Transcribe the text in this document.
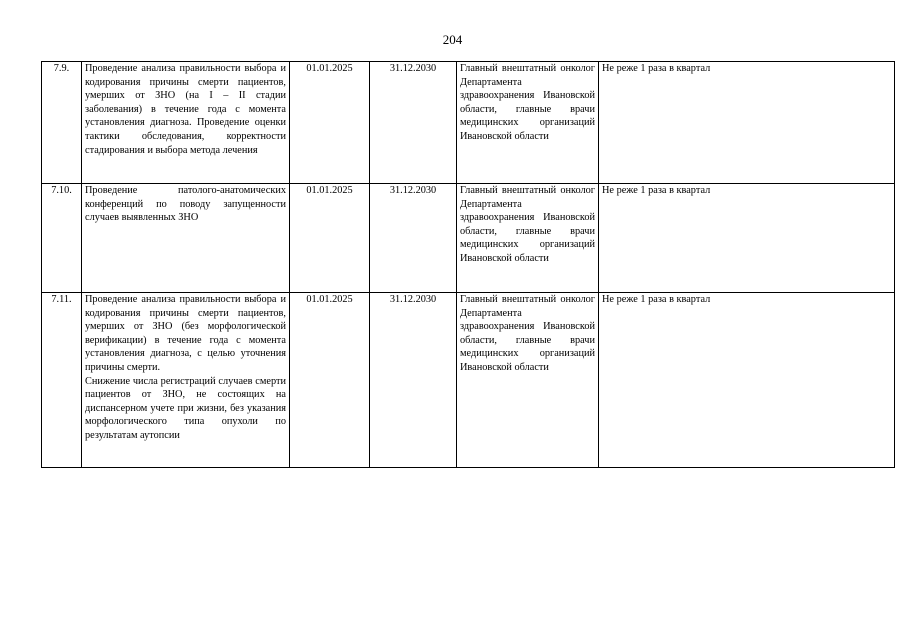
204
7.9.	Проведение анализа правильности выбора и кодирования причины смерти пациентов, умерших от ЗНО (на I – II стадии заболевания) в течение года с момента установления диагноза. Проведение оценки тактики обследования, корректности стадирования и выбора метода лечения	01.01.2025	31.12.2030	Главный внештатный онколог Департамента здравоохранения Ивановской области, главные врачи медицинских организаций Ивановской области	Не реже 1 раза в квартал
7.10.	Проведение патолого-анатомических конференций по поводу запущенности случаев выявленных ЗНО	01.01.2025	31.12.2030	Главный внештатный онколог Департамента здравоохранения Ивановской области, главные врачи медицинских организаций Ивановской области	Не реже 1 раза в квартал
7.11.	Проведение анализа правильности выбора и кодирования причины смерти пациентов, умерших от ЗНО (без морфологической верификации) в течение года с момента установления диагноза, с целью уточнения причины смерти.
Снижение числа регистраций случаев смерти пациентов от ЗНО, не состоящих на диспансерном учете при жизни, без указания морфологического типа опухоли по результатам аутопсии	01.01.2025	31.12.2030	Главный внештатный онколог Департамента здравоохранения Ивановской области, главные врачи медицинских организаций Ивановской области	Не реже 1 раза в квартал
